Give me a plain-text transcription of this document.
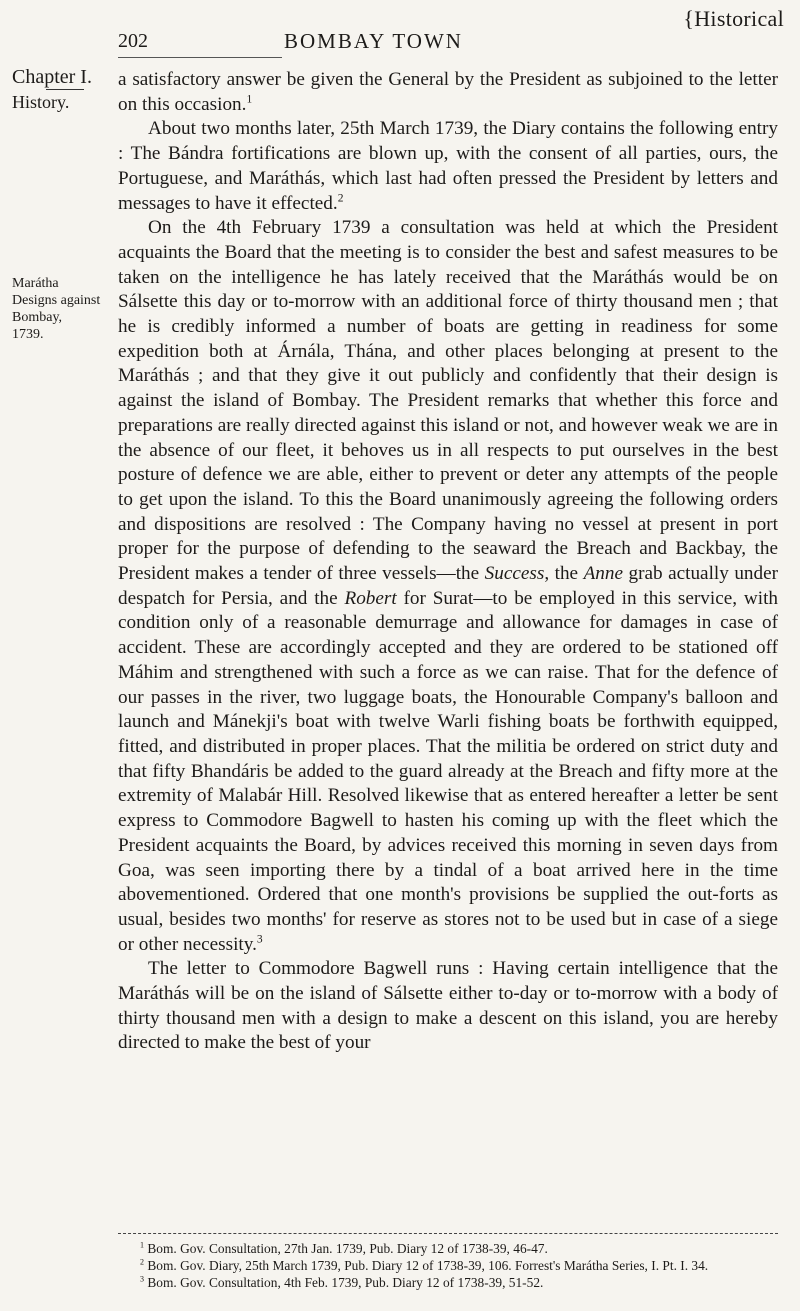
{Historical
202	BOMBAY TOWN
Chapter I.
History.
Marátha
Designs against
Bombay,
1739.

a satisfactory answer be given the General by the President as subjoined to the letter on this occasion.$^1$

About two months later, 25th March 1739, the Diary contains the following entry : The Bándra fortifications are blown up, with the consent of all parties, ours, the Portuguese, and Maráthás, which last had often pressed the President by letters and messages to have it effected.$^2$

On the 4th February 1739 a consultation was held at which the President acquaints the Board that the meeting is to consider the best and safest measures to be taken on the intelligence he has lately received that the Maráthás would be on Sálsette this day or to-morrow with an additional force of thirty thousand men ; that he is credibly informed a number of boats are getting in readiness for some expedition both at Árnála, Thána, and other places belonging at present to the Maráthás ; and that they give it out publicly and confidently that their design is against the island of Bombay. The President remarks that whether this force and preparations are really directed against this island or not, and however weak we are in the absence of our fleet, it behoves us in all respects to put ourselves in the best posture of defence we are able, either to prevent or deter any attempts of the people to get upon the island. To this the Board unanimously agreeing the following orders and dispositions are resolved : The Company having no vessel at present in port proper for the purpose of defending to the seaward the Breach and Backbay, the President makes a tender of three vessels—the Success, the Anne grab actually under despatch for Persia, and the Robert for Surat—to be employed in this service, with condition only of a reasonable demurrage and allowance for damages in case of accident. These are accordingly accepted and they are ordered to be stationed off Máhim and strengthened with such a force as we can raise. That for the defence of our passes in the river, two luggage boats, the Honourable Company's balloon and launch and Mánekji's boat with twelve Warli fishing boats be forthwith equipped, fitted, and distributed in proper places. That the militia be ordered on strict duty and that fifty Bhandáris be added to the guard already at the Breach and fifty more at the extremity of Malabár Hill. Resolved likewise that as entered hereafter a letter be sent express to Commodore Bagwell to hasten his coming up with the fleet which the President acquaints the Board, by advices received this morning in seven days from Goa, was seen importing there by a tindal of a boat arrived here in the time abovementioned. Ordered that one month's provisions be supplied the out-forts as usual, besides two months' for reserve as stores not to be used but in case of a siege or other necessity.$^3$

The letter to Commodore Bagwell runs : Having certain intelligence that the Maráthás will be on the island of Sálsette either to-day or to-morrow with a body of thirty thousand men with a design to make a descent on this island, you are hereby directed to make the best of your

$^1$ Bom. Gov. Consultation, 27th Jan. 1739, Pub. Diary 12 of 1738-39, 46-47.

$^2$ Bom. Gov. Diary, 25th March 1739, Pub. Diary 12 of 1738-39, 106. Forrest's Marátha Series, I. Pt. I. 34.

$^3$ Bom. Gov. Consultation, 4th Feb. 1739, Pub. Diary 12 of 1738-39, 51-52.
